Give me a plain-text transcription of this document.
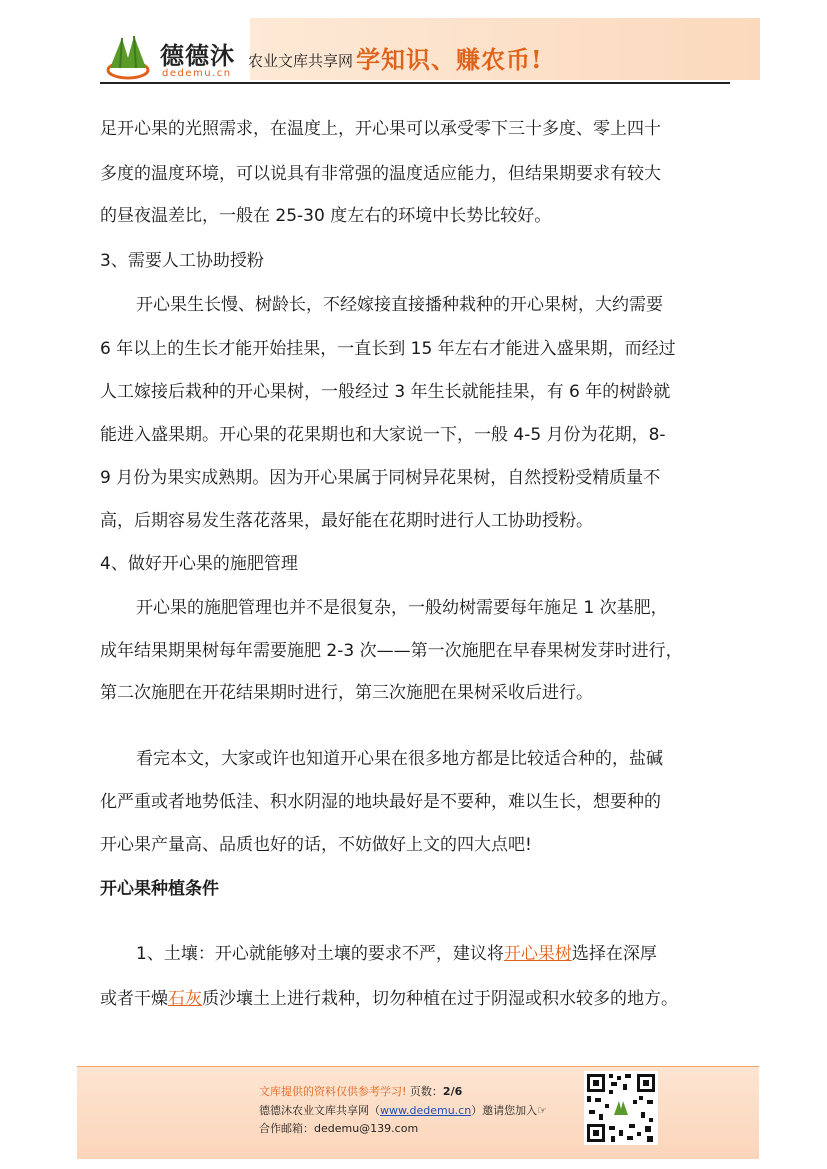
德德沐
dedemu.cn
农业文库共享网 学知识、赚农币!
足开心果的光照需求，在温度上，开心果可以承受零下三十多度、零上四十
多度的温度环境，可以说具有非常强的温度适应能力，但结果期要求有较大
的昼夜温差比，一般在 25-30 度左右的环境中长势比较好。
3、需要人工协助授粉
开心果生长慢、树龄长，不经嫁接直接播种栽种的开心果树，大约需要
6 年以上的生长才能开始挂果，一直长到 15 年左右才能进入盛果期，而经过
人工嫁接后栽种的开心果树，一般经过 3 年生长就能挂果，有 6 年的树龄就
能进入盛果期。开心果的花果期也和大家说一下，一般 4-5 月份为花期，8-
9 月份为果实成熟期。因为开心果属于同树异花果树，自然授粉受精质量不
高，后期容易发生落花落果，最好能在花期时进行人工协助授粉。
4、做好开心果的施肥管理
开心果的施肥管理也并不是很复杂，一般幼树需要每年施足 1 次基肥，
成年结果期果树每年需要施肥 2-3 次——第一次施肥在早春果树发芽时进行，
第二次施肥在开花结果期时进行，第三次施肥在果树采收后进行。
看完本文，大家或许也知道开心果在很多地方都是比较适合种的，盐碱
化严重或者地势低洼、积水阴湿的地块最好是不要种，难以生长，想要种的
开心果产量高、品质也好的话，不妨做好上文的四大点吧!
开心果种植条件
1、土壤：开心就能够对土壤的要求不严，建议将开心果树选择在深厚
或者干燥石灰质沙壤土上进行栽种，切勿种植在过于阴湿或积水较多的地方。
文库提供的资料仅供参考学习! 页数：2/6
德德沐农业文库共享网（www.dedemu.cn）邀请您加入☞
合作邮箱：dedemu@139.com
